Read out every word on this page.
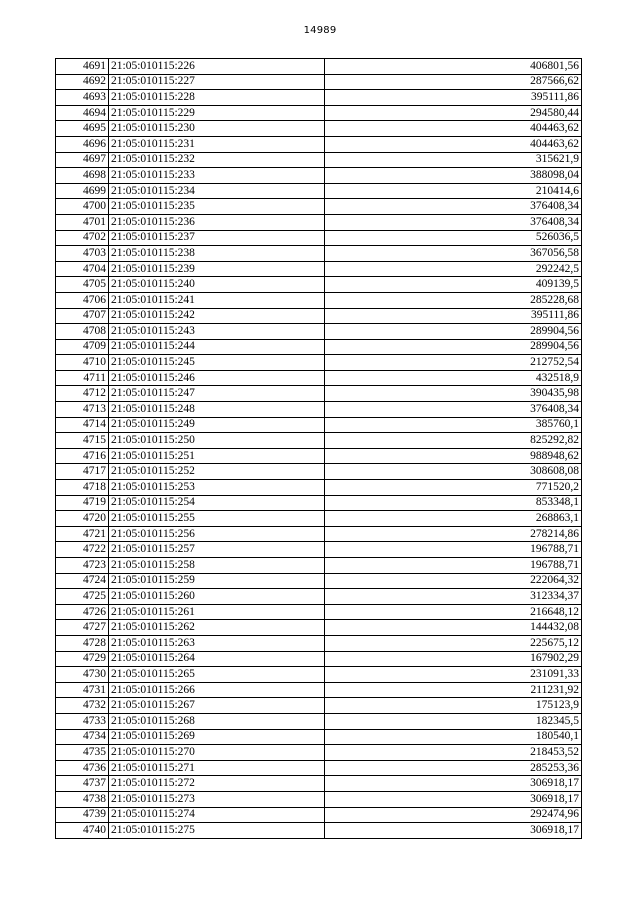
14989
4691	21:05:010115:226	406801,56
4692	21:05:010115:227	287566,62
4693	21:05:010115:228	395111,86
4694	21:05:010115:229	294580,44
4695	21:05:010115:230	404463,62
4696	21:05:010115:231	404463,62
4697	21:05:010115:232	315621,9
4698	21:05:010115:233	388098,04
4699	21:05:010115:234	210414,6
4700	21:05:010115:235	376408,34
4701	21:05:010115:236	376408,34
4702	21:05:010115:237	526036,5
4703	21:05:010115:238	367056,58
4704	21:05:010115:239	292242,5
4705	21:05:010115:240	409139,5
4706	21:05:010115:241	285228,68
4707	21:05:010115:242	395111,86
4708	21:05:010115:243	289904,56
4709	21:05:010115:244	289904,56
4710	21:05:010115:245	212752,54
4711	21:05:010115:246	432518,9
4712	21:05:010115:247	390435,98
4713	21:05:010115:248	376408,34
4714	21:05:010115:249	385760,1
4715	21:05:010115:250	825292,82
4716	21:05:010115:251	988948,62
4717	21:05:010115:252	308608,08
4718	21:05:010115:253	771520,2
4719	21:05:010115:254	853348,1
4720	21:05:010115:255	268863,1
4721	21:05:010115:256	278214,86
4722	21:05:010115:257	196788,71
4723	21:05:010115:258	196788,71
4724	21:05:010115:259	222064,32
4725	21:05:010115:260	312334,37
4726	21:05:010115:261	216648,12
4727	21:05:010115:262	144432,08
4728	21:05:010115:263	225675,12
4729	21:05:010115:264	167902,29
4730	21:05:010115:265	231091,33
4731	21:05:010115:266	211231,92
4732	21:05:010115:267	175123,9
4733	21:05:010115:268	182345,5
4734	21:05:010115:269	180540,1
4735	21:05:010115:270	218453,52
4736	21:05:010115:271	285253,36
4737	21:05:010115:272	306918,17
4738	21:05:010115:273	306918,17
4739	21:05:010115:274	292474,96
4740	21:05:010115:275	306918,17
